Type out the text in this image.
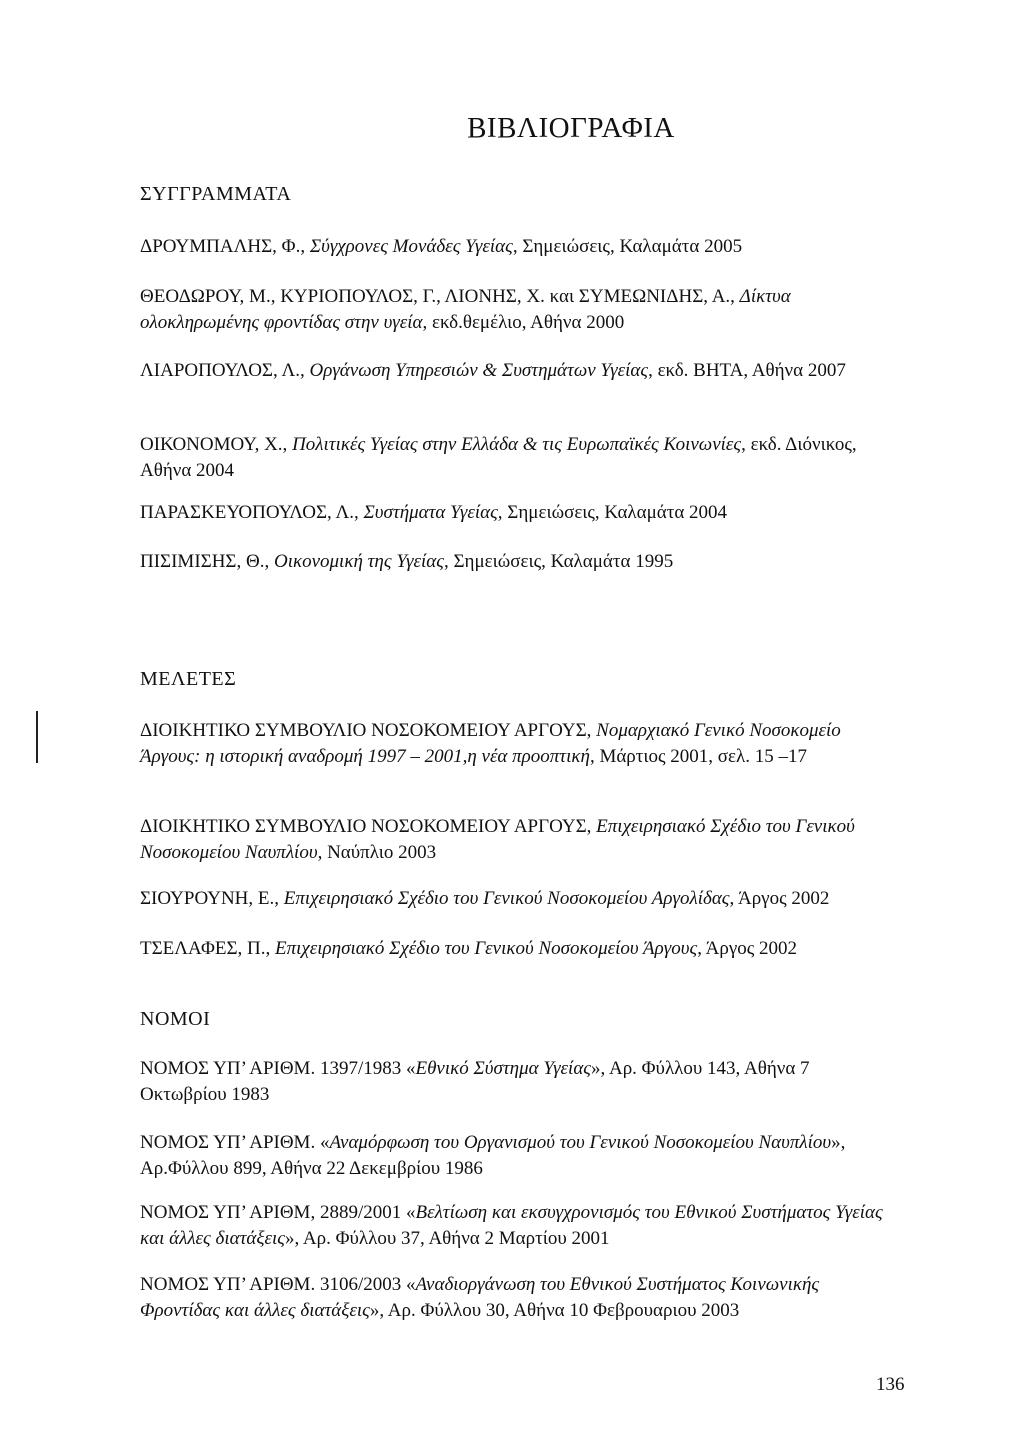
ΒΙΒΛΙΟΓΡΑΦΙΑ
ΣΥΓΓΡΑΜΜΑΤΑ

ΔΡΟΥΜΠΑΛΗΣ, Φ., Σύγχρονες Μονάδες Υγείας, Σημειώσεις, Καλαμάτα 2005

ΘΕΟΔΩΡΟΥ, Μ., ΚΥΡΙΟΠΟΥΛΟΣ, Γ., ΛΙΟΝΗΣ, Χ. και ΣΥΜΕΩΝΙΔΗΣ, Α., Δίκτυα ολοκληρωμένης φροντίδας στην υγεία, εκδ.θεμέλιο, Αθήνα 2000

ΛΙΑΡΟΠΟΥΛΟΣ, Λ., Οργάνωση Υπηρεσιών & Συστημάτων Υγείας, εκδ. ΒΗΤΑ, Αθήνα 2007

ΟΙΚΟΝΟΜΟΥ, Χ., Πολιτικές Υγείας στην Ελλάδα & τις Ευρωπαϊκές Κοινωνίες, εκδ. Διόνικος, Αθήνα 2004

ΠΑΡΑΣΚΕΥΟΠΟΥΛΟΣ, Λ., Συστήματα Υγείας, Σημειώσεις, Καλαμάτα 2004

ΠΙΣΙΜΙΣΗΣ, Θ., Οικονομική της Υγείας, Σημειώσεις, Καλαμάτα 1995

ΜΕΛΕΤΕΣ

ΔΙΟΙΚΗΤΙΚΟ ΣΥΜΒΟΥΛΙΟ ΝΟΣΟΚΟΜΕΙΟΥ ΑΡΓΟΥΣ, Νομαρχιακό Γενικό Νοσοκομείο Άργους: η ιστορική αναδρομή 1997 – 2001,η νέα προοπτική, Μάρτιος 2001, σελ. 15 –17

ΔΙΟΙΚΗΤΙΚΟ ΣΥΜΒΟΥΛΙΟ ΝΟΣΟΚΟΜΕΙΟΥ ΑΡΓΟΥΣ, Επιχειρησιακό Σχέδιο του Γενικού Νοσοκομείου Ναυπλίου, Ναύπλιο 2003

ΣΙΟΥΡΟΥΝΗ, Ε., Επιχειρησιακό Σχέδιο του Γενικού Νοσοκομείου Αργολίδας, Άργος 2002

ΤΣΕΛΑΦΕΣ, Π., Επιχειρησιακό Σχέδιο του Γενικού Νοσοκομείου Άργους, Άργος 2002

ΝΟΜΟΙ

ΝΟΜΟΣ ΥΠ’ ΑΡΙΘΜ. 1397/1983 «Εθνικό Σύστημα Υγείας», Αρ. Φύλλου 143, Αθήνα 7 Οκτωβρίου 1983

ΝΟΜΟΣ ΥΠ’ ΑΡΙΘΜ. «Αναμόρφωση του Οργανισμού του Γενικού Νοσοκομείου Ναυπλίου», Αρ.Φύλλου 899, Αθήνα 22 Δεκεμβρίου 1986

ΝΟΜΟΣ ΥΠ’ ΑΡΙΘΜ, 2889/2001 «Βελτίωση και εκσυγχρονισμός του Εθνικού Συστήματος Υγείας και άλλες διατάξεις», Αρ. Φύλλου 37, Αθήνα 2 Μαρτίου 2001

ΝΟΜΟΣ ΥΠ’ ΑΡΙΘΜ. 3106/2003 «Αναδιοργάνωση του Εθνικού Συστήματος Κοινωνικής Φροντίδας και άλλες διατάξεις», Αρ. Φύλλου 30, Αθήνα 10 Φεβρουαριου 2003

136
